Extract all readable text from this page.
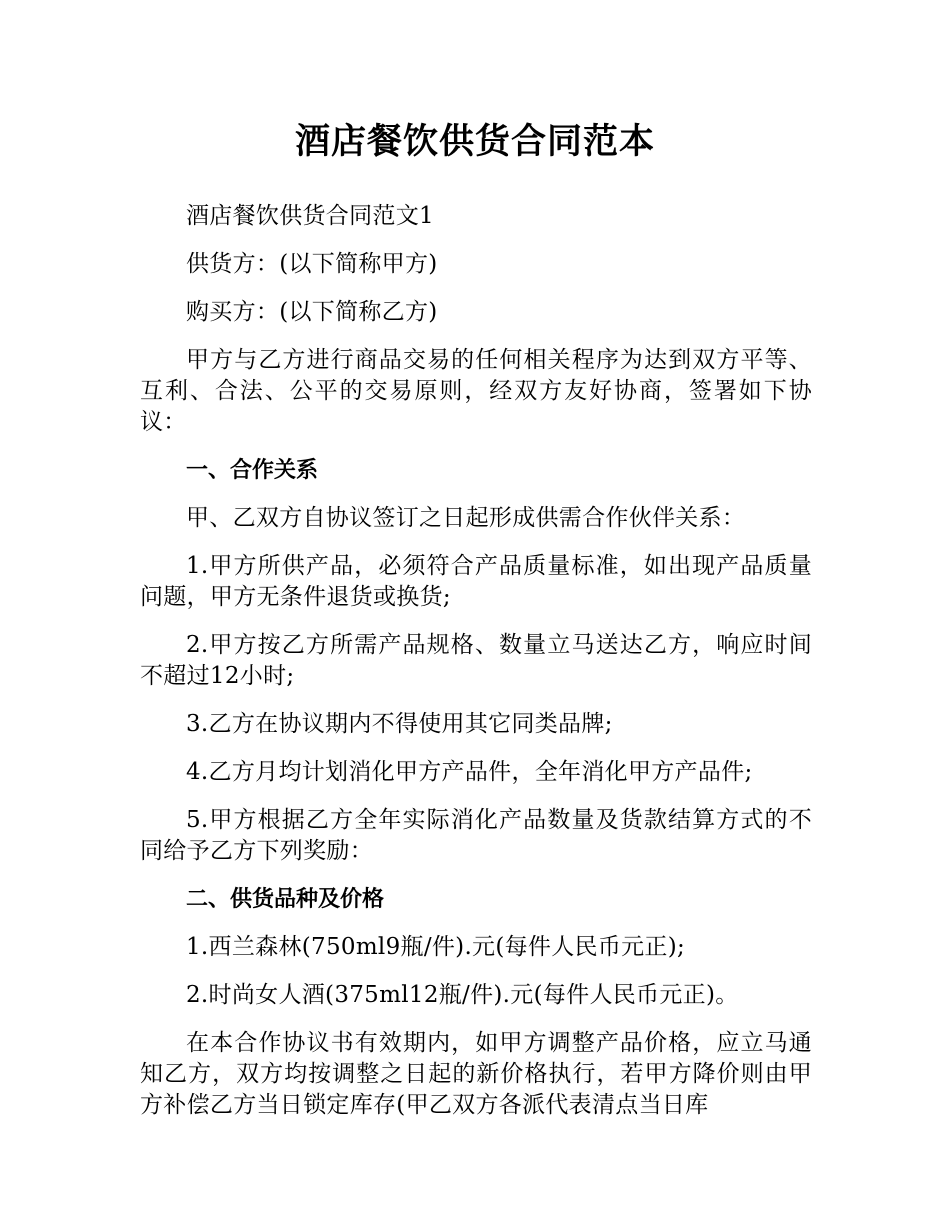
酒店餐饮供货合同范本

酒店餐饮供货合同范文1

供货方：(以下简称甲方)

购买方：(以下简称乙方)

甲方与乙方进行商品交易的任何相关程序为达到双方平等、互利、合法、公平的交易原则，经双方友好协商，签署如下协议：

一、合作关系

甲、乙双方自协议签订之日起形成供需合作伙伴关系：

1.甲方所供产品，必须符合产品质量标准，如出现产品质量问题，甲方无条件退货或换货;

2.甲方按乙方所需产品规格、数量立马送达乙方，响应时间不超过12小时;

3.乙方在协议期内不得使用其它同类品牌;

4.乙方月均计划消化甲方产品件，全年消化甲方产品件;

5.甲方根据乙方全年实际消化产品数量及货款结算方式的不同给予乙方下列奖励：

二、供货品种及价格

1.西兰森林(750ml9瓶/件).元(每件人民币元正);

2.时尚女人酒(375ml12瓶/件).元(每件人民币元正)。

在本合作协议书有效期内，如甲方调整产品价格，应立马通知乙方，双方均按调整之日起的新价格执行，若甲方降价则由甲方补偿乙方当日锁定库存(甲乙双方各派代表清点当日库
